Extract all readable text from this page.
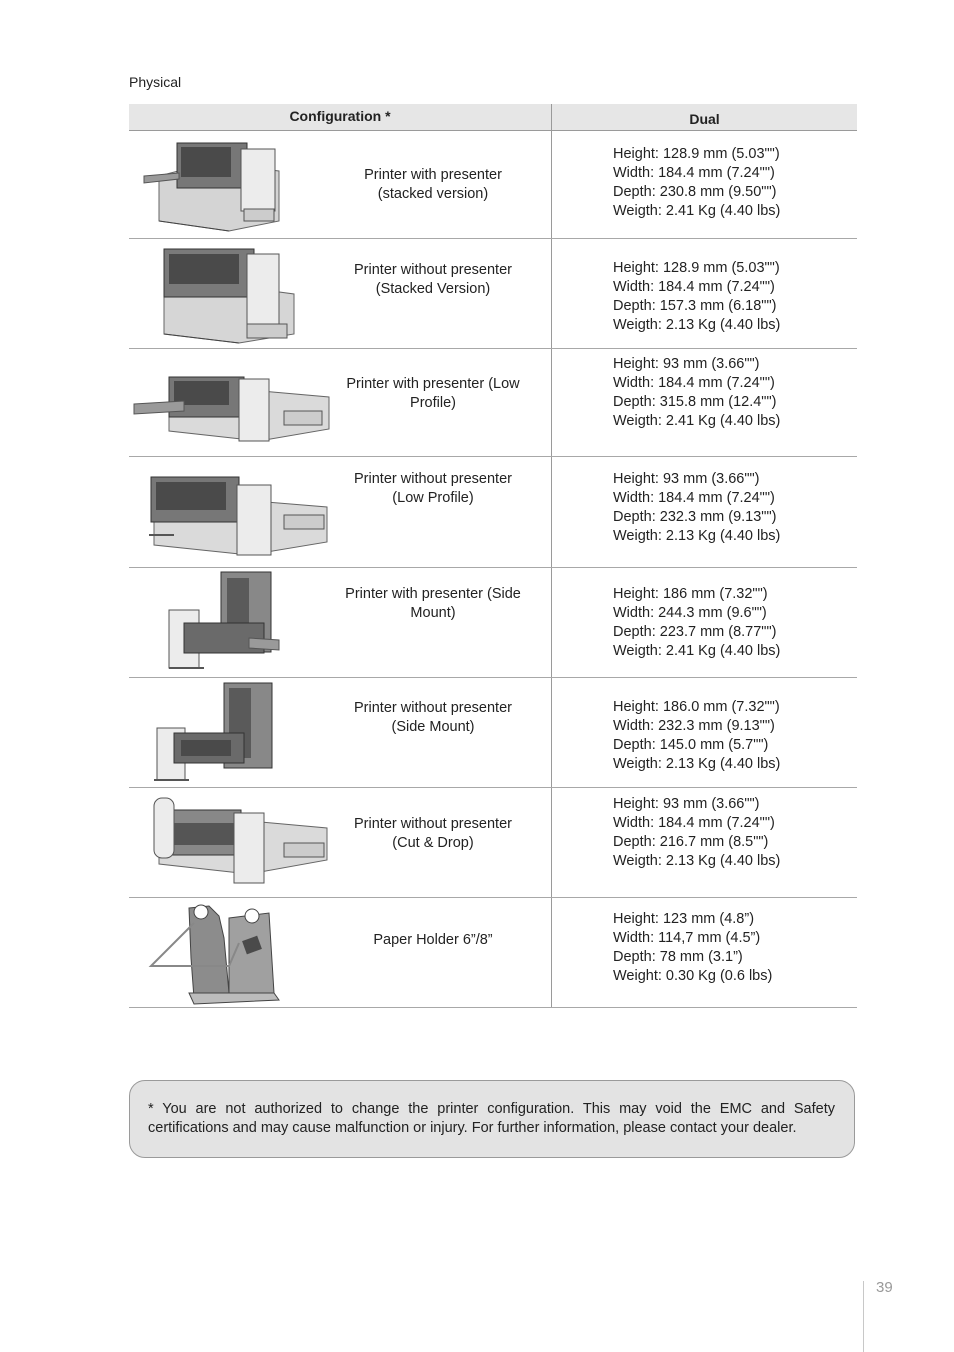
Physical
Configuration *	Dual
Printer with presenter (stacked version)
Height: 128.9 mm (5.03"")
Width: 184.4 mm (7.24"")
Depth: 230.8 mm (9.50"")
Weigth: 2.41 Kg (4.40 lbs)
Printer without presenter (Stacked Version)
Height: 128.9 mm (5.03"")
Width: 184.4 mm (7.24"")
Depth: 157.3 mm (6.18"")
Weigth: 2.13 Kg (4.40 lbs)
Printer with presenter (Low Profile)
Height: 93 mm (3.66"")
Width: 184.4 mm (7.24"")
Depth: 315.8 mm (12.4"")
Weigth: 2.41 Kg (4.40 lbs)
Printer without presenter (Low Profile)
Height: 93 mm (3.66"")
Width: 184.4 mm (7.24"")
Depth: 232.3 mm (9.13"")
Weigth: 2.13 Kg (4.40 lbs)
Printer with presenter (Side Mount)
Height: 186 mm (7.32"")
Width: 244.3 mm (9.6"")
Depth: 223.7 mm (8.77"")
Weigth: 2.41 Kg (4.40 lbs)
Printer without presenter (Side Mount)
Height: 186.0 mm (7.32"")
Width: 232.3 mm (9.13"")
Depth: 145.0 mm (5.7"")
Weigth: 2.13 Kg (4.40 lbs)
Printer without presenter (Cut & Drop)
Height: 93 mm (3.66"")
Width: 184.4 mm (7.24"")
Depth: 216.7 mm (8.5"")
Weigth: 2.13 Kg (4.40 lbs)
Paper Holder 6”/8”
Height: 123 mm (4.8”)
Width: 114,7 mm (4.5”)
Depth: 78 mm (3.1”)
Weight: 0.30 Kg (0.6 lbs)
* You are not authorized to change the printer configuration. This may void the EMC and Safety certifications and may cause malfunction or injury. For further information, please contact your dealer.
39
